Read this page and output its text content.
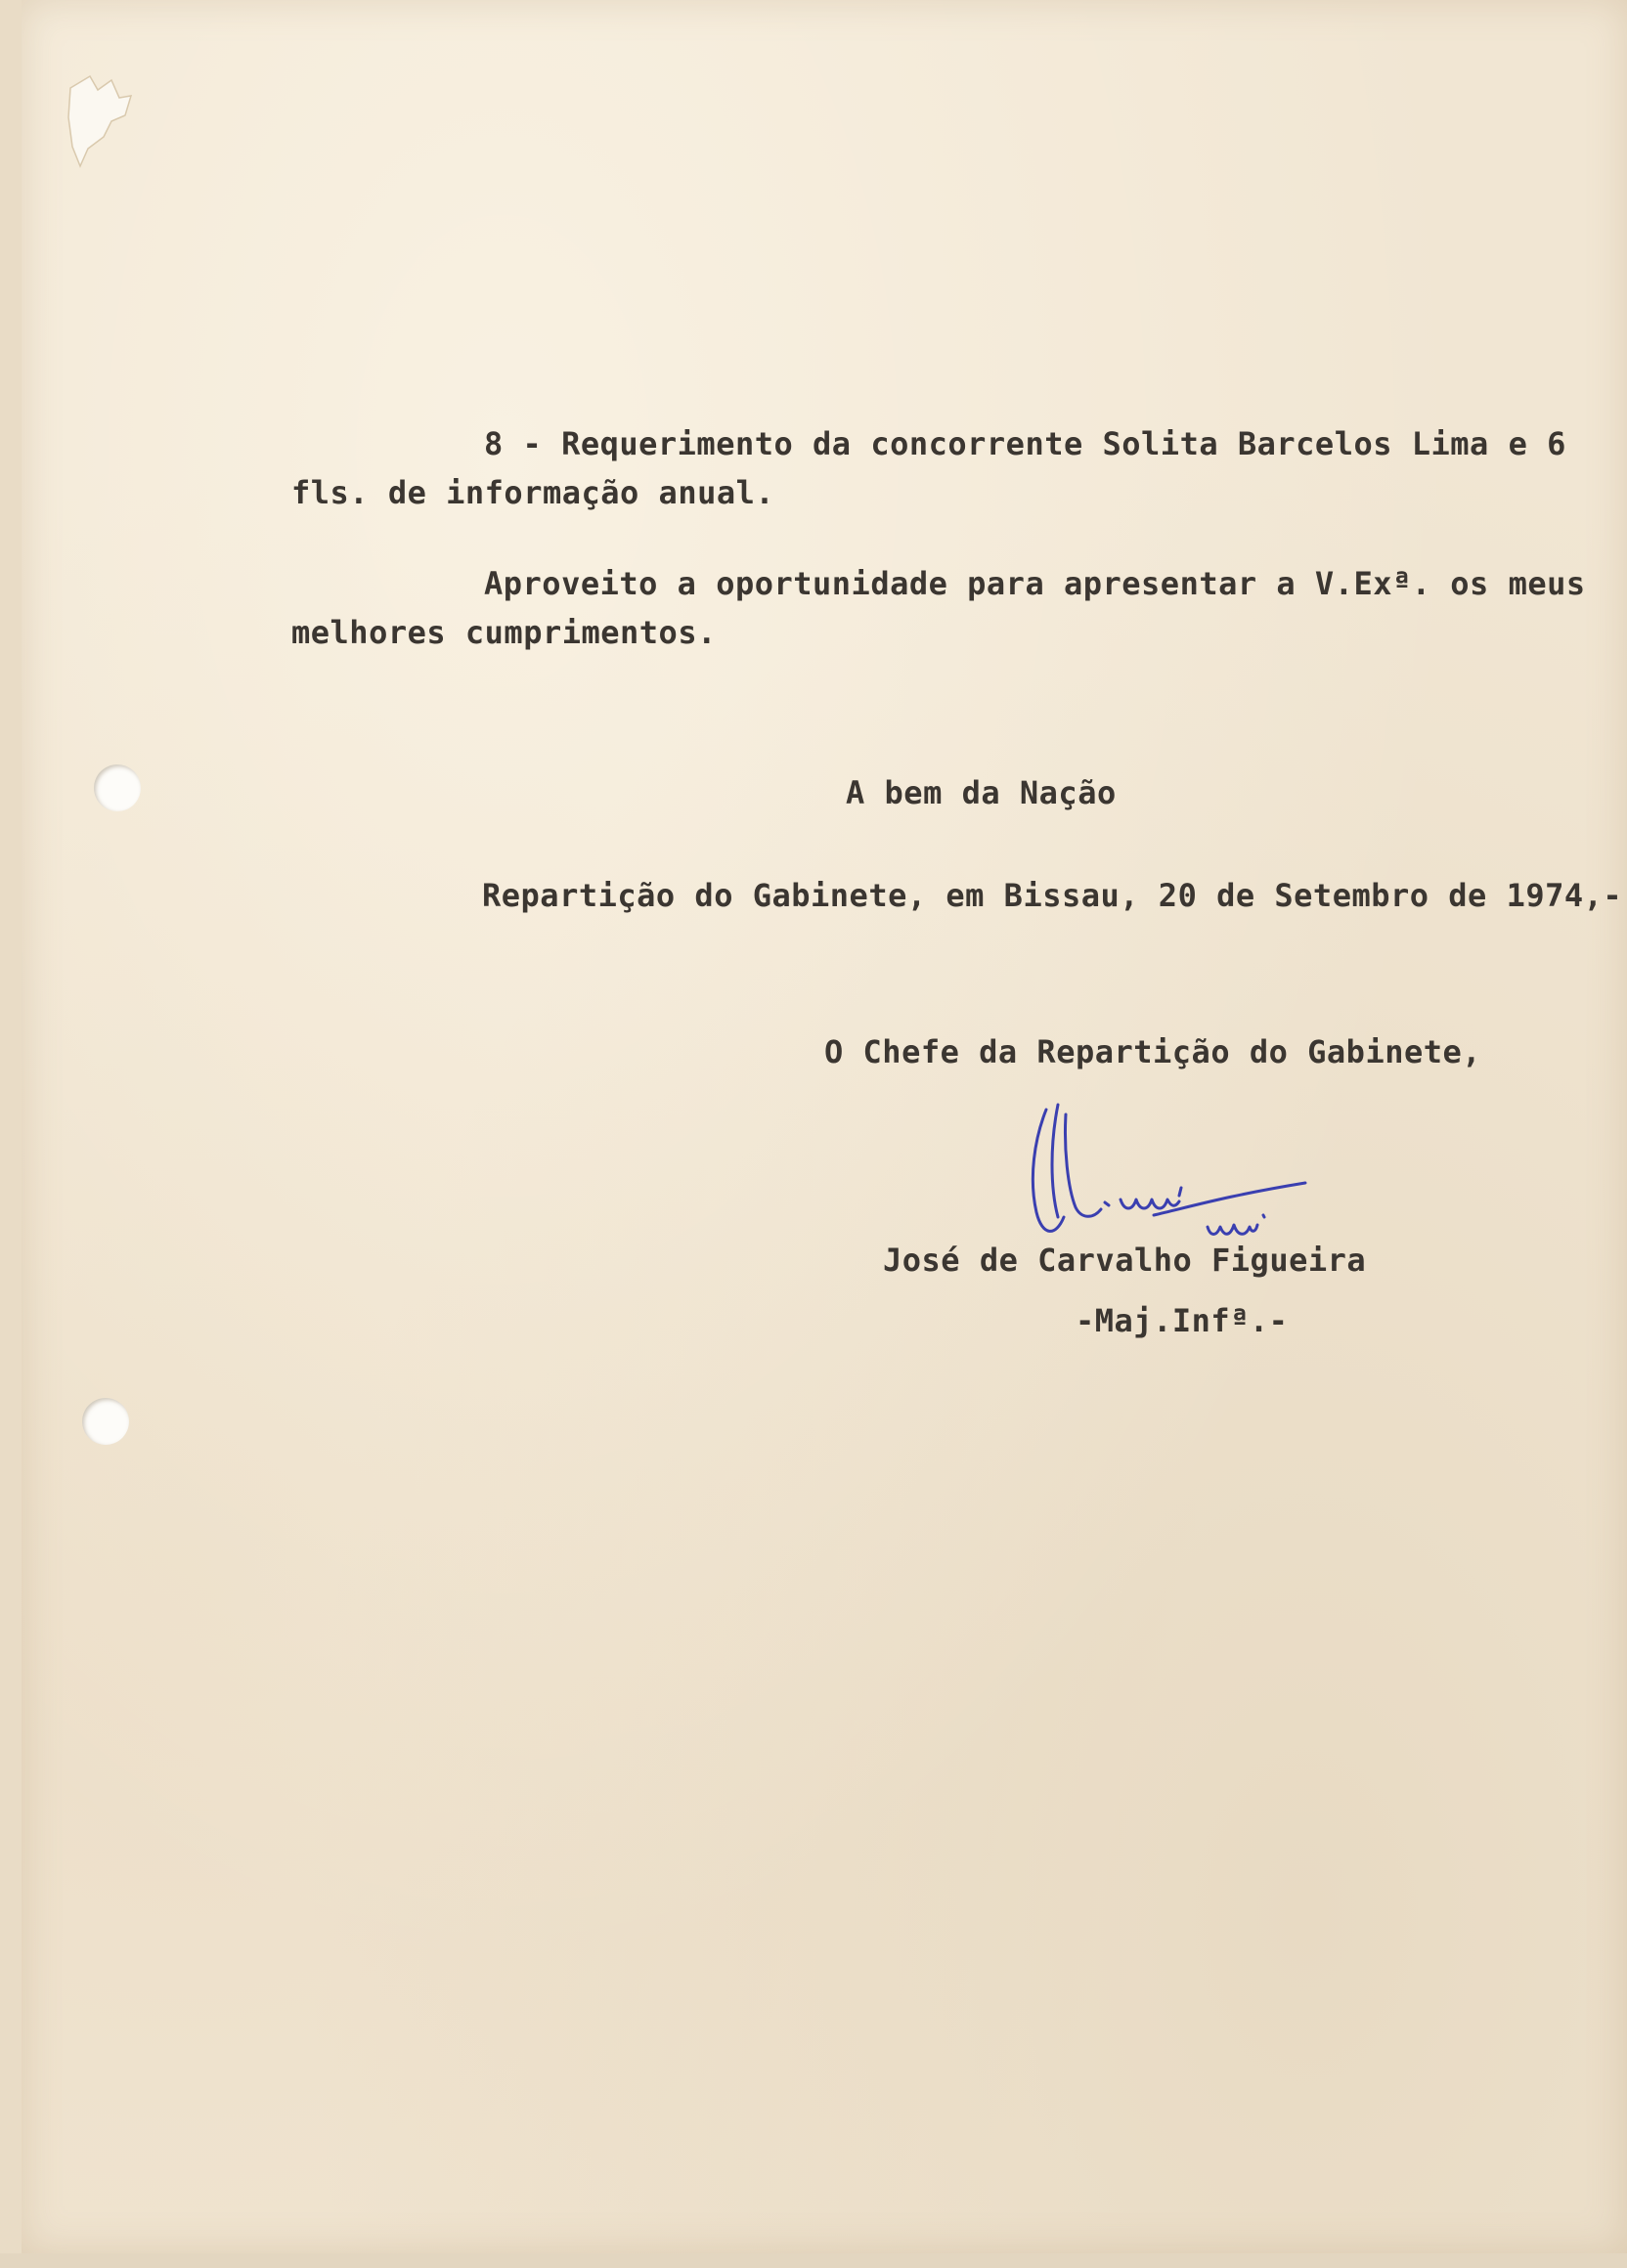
8 - Requerimento da concorrente Solita Barcelos Lima e 6
fls. de informação anual.
Aproveito a oportunidade para apresentar a V.Exª. os meus
melhores cumprimentos.
A bem da Nação
Repartição do Gabinete, em Bissau, 20 de Setembro de 1974,-
O Chefe da Repartição do Gabinete,
José de Carvalho Figueira
-Maj.Infª.-
